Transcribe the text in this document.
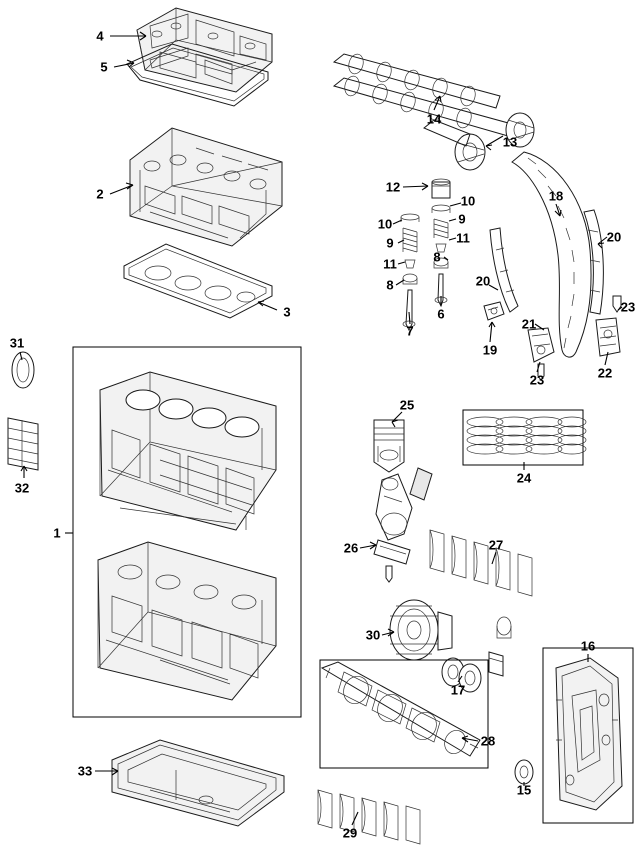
1
2
3
4
5
6
7
8
8
9
9
10
10
11
11
12
13
14
15
16
17
18
19
20
20
21
22
23
23
24
25
26	27
28
29
30
31
32
33
